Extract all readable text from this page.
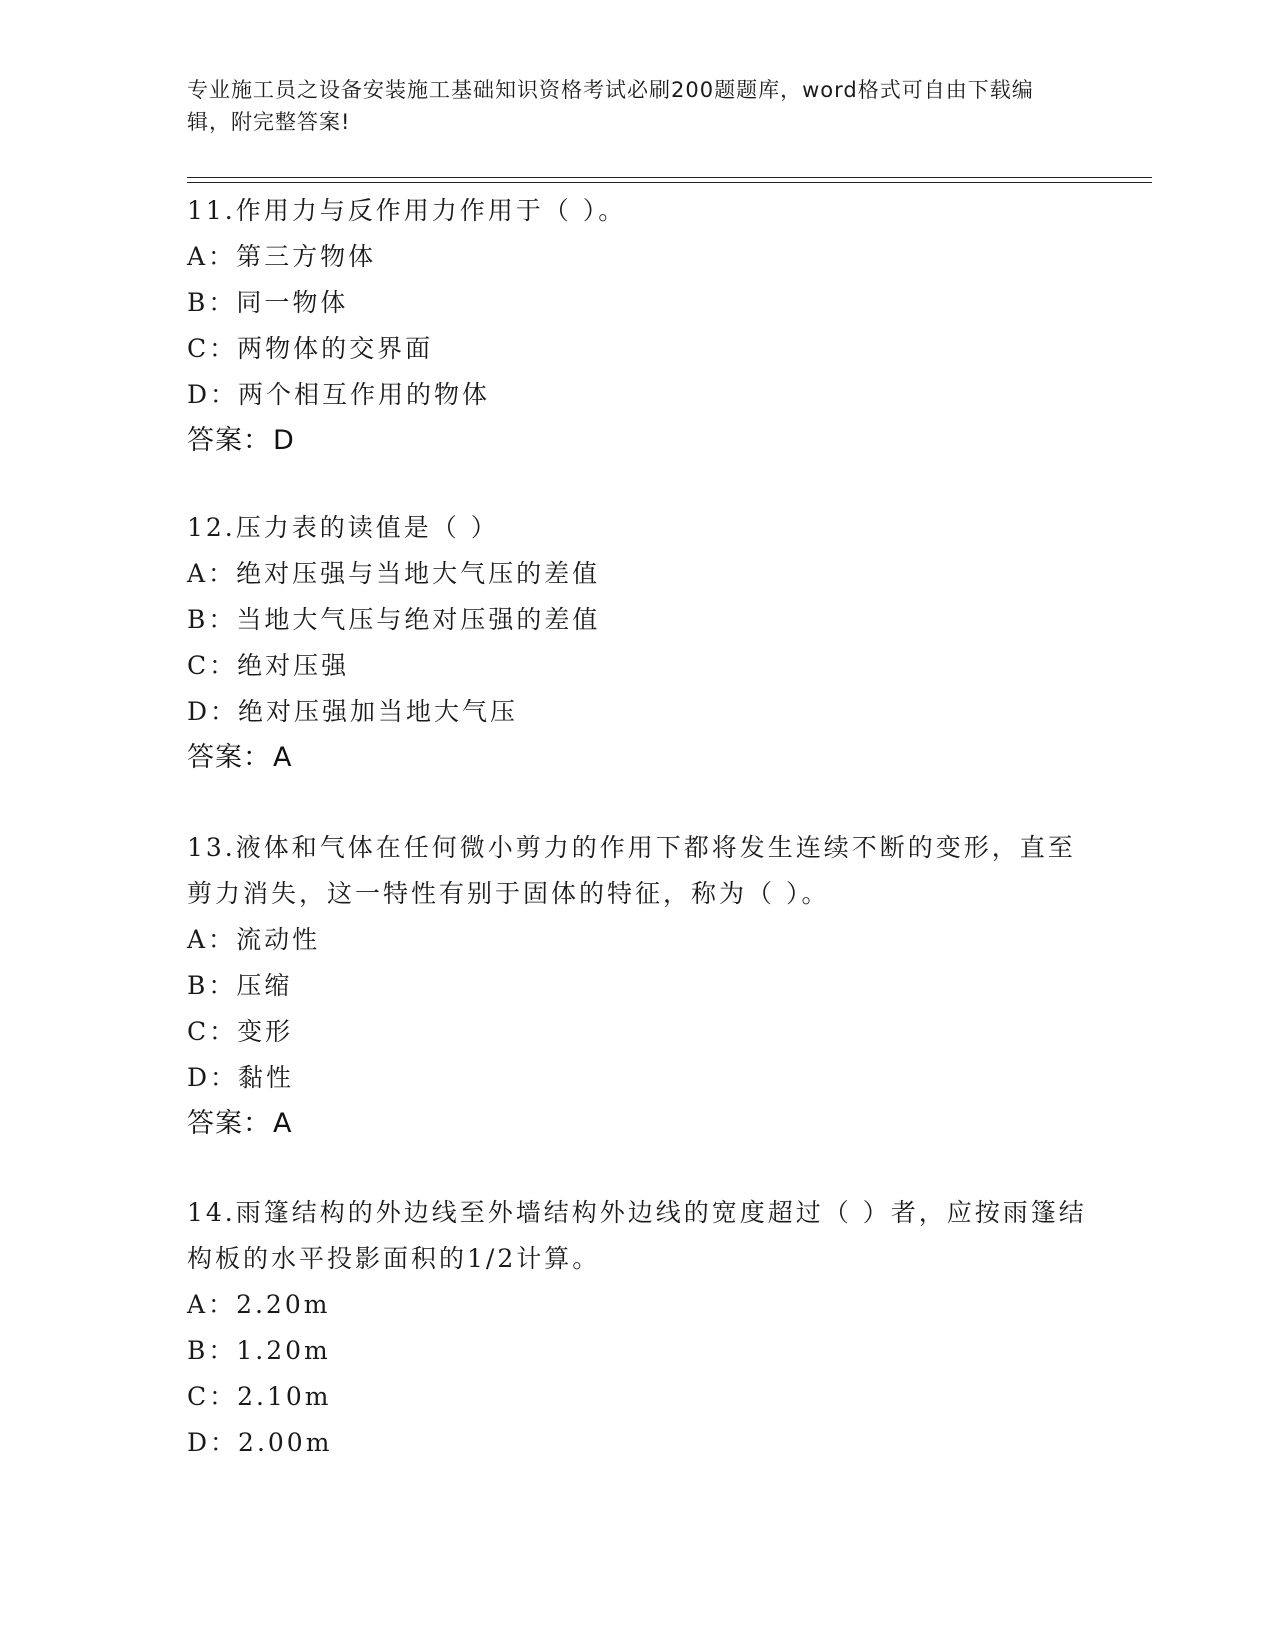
专业施工员之设备安装施工基础知识资格考试必刷200题题库，word格式可自由下载编辑，附完整答案!

11.作用力与反作用力作用于（ ）。

A：第三方物体

B：同一物体

C：两物体的交界面

D：两个相互作用的物体

答案：D

12.压力表的读值是（ ）

A：绝对压强与当地大气压的差值

B：当地大气压与绝对压强的差值

C：绝对压强

D：绝对压强加当地大气压

答案：A

13.液体和气体在任何微小剪力的作用下都将发生连续不断的变形，直至剪力消失，这一特性有别于固体的特征，称为（ ）。

A：流动性

B：压缩

C：变形

D：黏性

答案：A

14.雨篷结构的外边线至外墙结构外边线的宽度超过（ ）者，应按雨篷结构板的水平投影面积的1/2计算。

A：2.20m

B：1.20m

C：2.10m

D：2.00m
